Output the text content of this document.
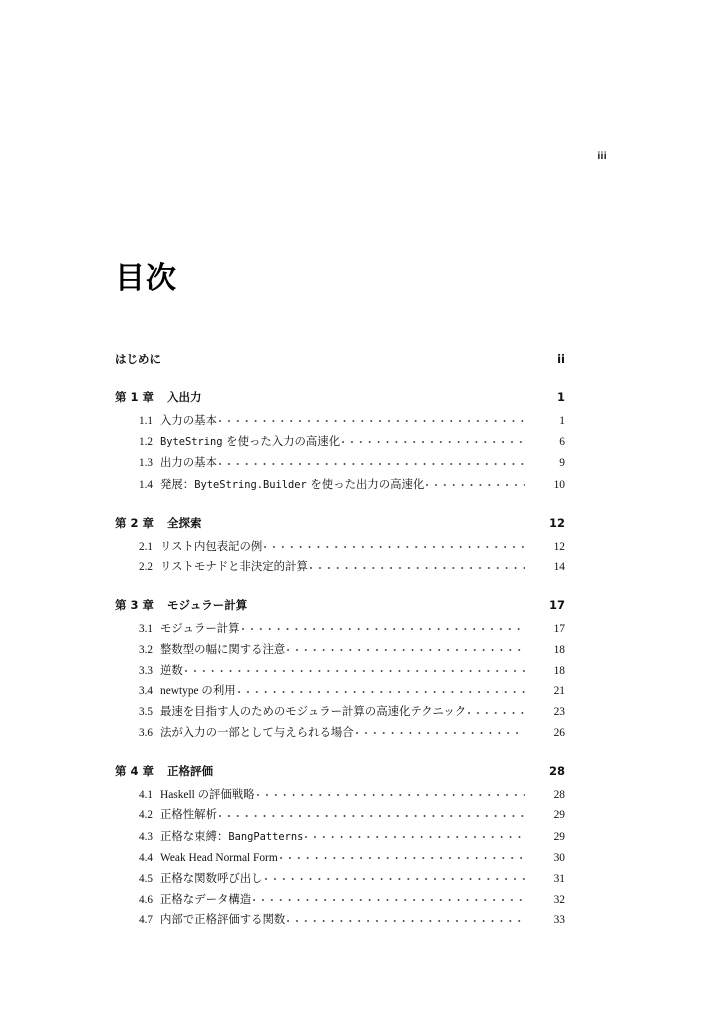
iii
目次
はじめに	ii
第 1 章	入出力	1
1.1 入力の基本	1
1.2 ByteString を使った入力の高速化	6
1.3 出力の基本	9
1.4 発展：ByteString.Builder を使った出力の高速化	10
第 2 章	全探索	12
2.1 リスト内包表記の例	12
2.2 リストモナドと非決定的計算	14
第 3 章	モジュラー計算	17
3.1 モジュラー計算	17
3.2 整数型の幅に関する注意	18
3.3 逆数	18
3.4 newtype の利用	21
3.5 最速を目指す人のためのモジュラー計算の高速化テクニック	23
3.6 法が入力の一部として与えられる場合	26
第 4 章	正格評価	28
4.1 Haskell の評価戦略	28
4.2 正格性解析	29
4.3 正格な束縛：BangPatterns	29
4.4 Weak Head Normal Form	30
4.5 正格な関数呼び出し	31
4.6 正格なデータ構造	32
4.7 内部で正格評価する関数	33
